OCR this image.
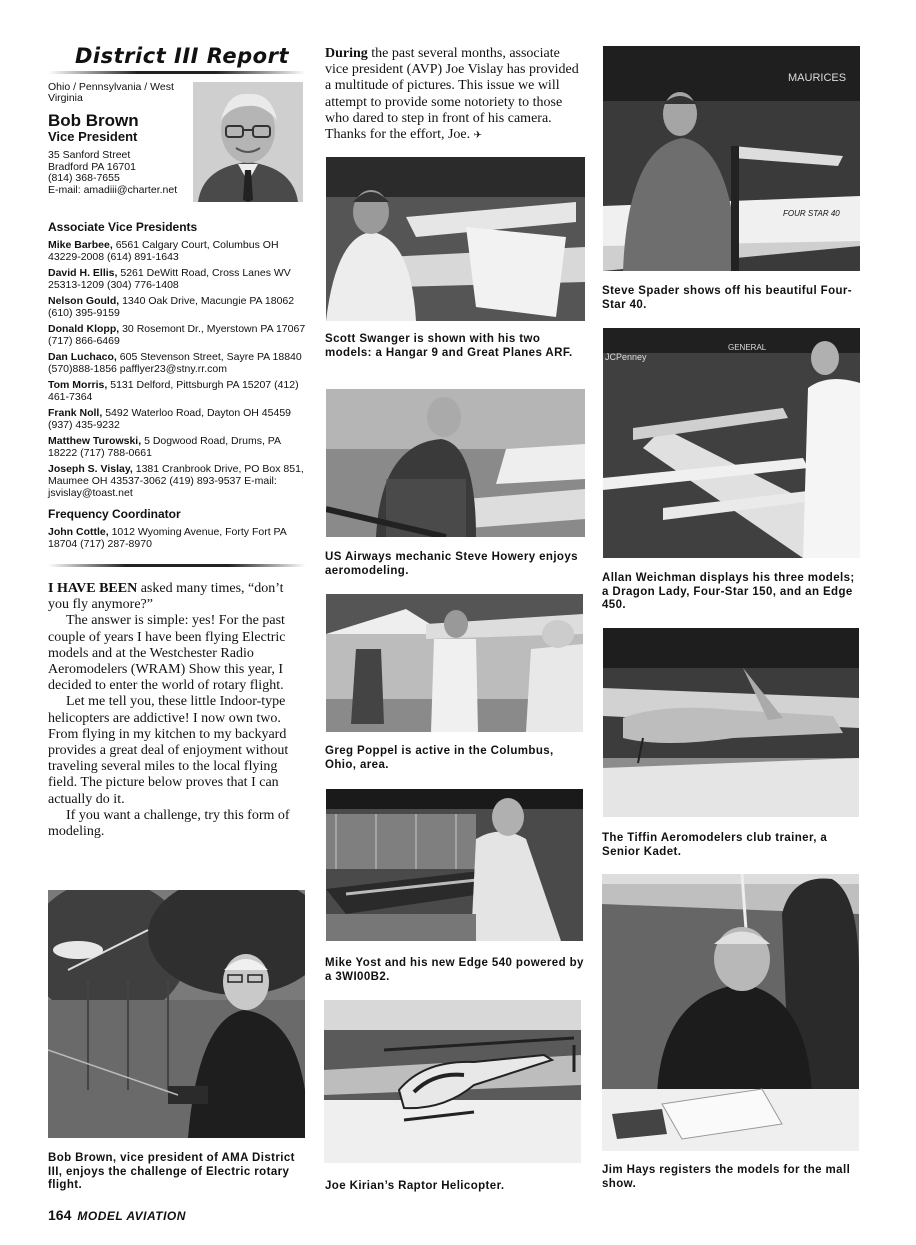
District III Report
Ohio / Pennsylvania / West Virginia
Bob Brown
Vice President
35 Sanford Street
Bradford PA 16701
(814) 368-7655
E-mail: amadiii@charter.net
Associate Vice Presidents
Mike Barbee, 6561 Calgary Court, Columbus OH 43229-2008 (614) 891-1643
David H. Ellis, 5261 DeWitt Road, Cross Lanes WV 25313-1209 (304) 776-1408
Nelson Gould, 1340 Oak Drive, Macungie PA 18062 (610) 395-9159
Donald Klopp, 30 Rosemont Dr., Myerstown PA 17067 (717) 866-6469
Dan Luchaco, 605 Stevenson Street, Sayre PA 18840 (570)888-1856 pafflyer23@stny.rr.com
Tom Morris, 5131 Delford, Pittsburgh PA 15207 (412) 461-7364
Frank Noll, 5492 Waterloo Road, Dayton OH 45459 (937) 435-9232
Matthew Turowski, 5 Dogwood Road, Drums, PA 18222 (717) 788-0661
Joseph S. Vislay, 1381 Cranbrook Drive, PO Box 851, Maumee OH 43537-3062 (419) 893-9537 E-mail: jsvislay@toast.net
Frequency Coordinator
John Cottle, 1012 Wyoming Avenue, Forty Fort PA 18704 (717) 287-8970

I HAVE BEEN asked many times, “don’t you fly anymore?”

The answer is simple: yes! For the past couple of years I have been flying Electric models and at the Westchester Radio Aeromodelers (WRAM) Show this year, I decided to enter the world of rotary flight.

Let me tell you, these little Indoor-type helicopters are addictive! I now own two. From flying in my kitchen to my backyard provides a great deal of enjoyment without traveling several miles to the local flying field. The picture below proves that I can actually do it.

If you want a challenge, try this form of modeling.

Bob Brown, vice president of AMA District III, enjoys the challenge of Electric rotary flight.
During the past several months, associate vice president (AVP) Joe Vislay has provided a multitude of pictures. This issue we will attempt to provide some notoriety to those who dared to step in front of his camera. Thanks for the effort, Joe. ✈
Scott Swanger is shown with his two models: a Hangar 9 and Great Planes ARF.
US Airways mechanic Steve Howery enjoys aeromodeling.
Greg Poppel is active in the Columbus, Ohio, area.
Mike Yost and his new Edge 540 powered by a 3WI00B2.
Joe Kirian’s Raptor Helicopter.
MAURICES
FOUR STAR 40
Steve Spader shows off his beautiful Four-Star 40.
JCPenney
GENERAL
Allan Weichman displays his three models; a Dragon Lady, Four-Star 150, and an Edge 450.
The Tiffin Aeromodelers club trainer, a Senior Kadet.
Jim Hays registers the models for the mall show.
164 MODEL AVIATION
